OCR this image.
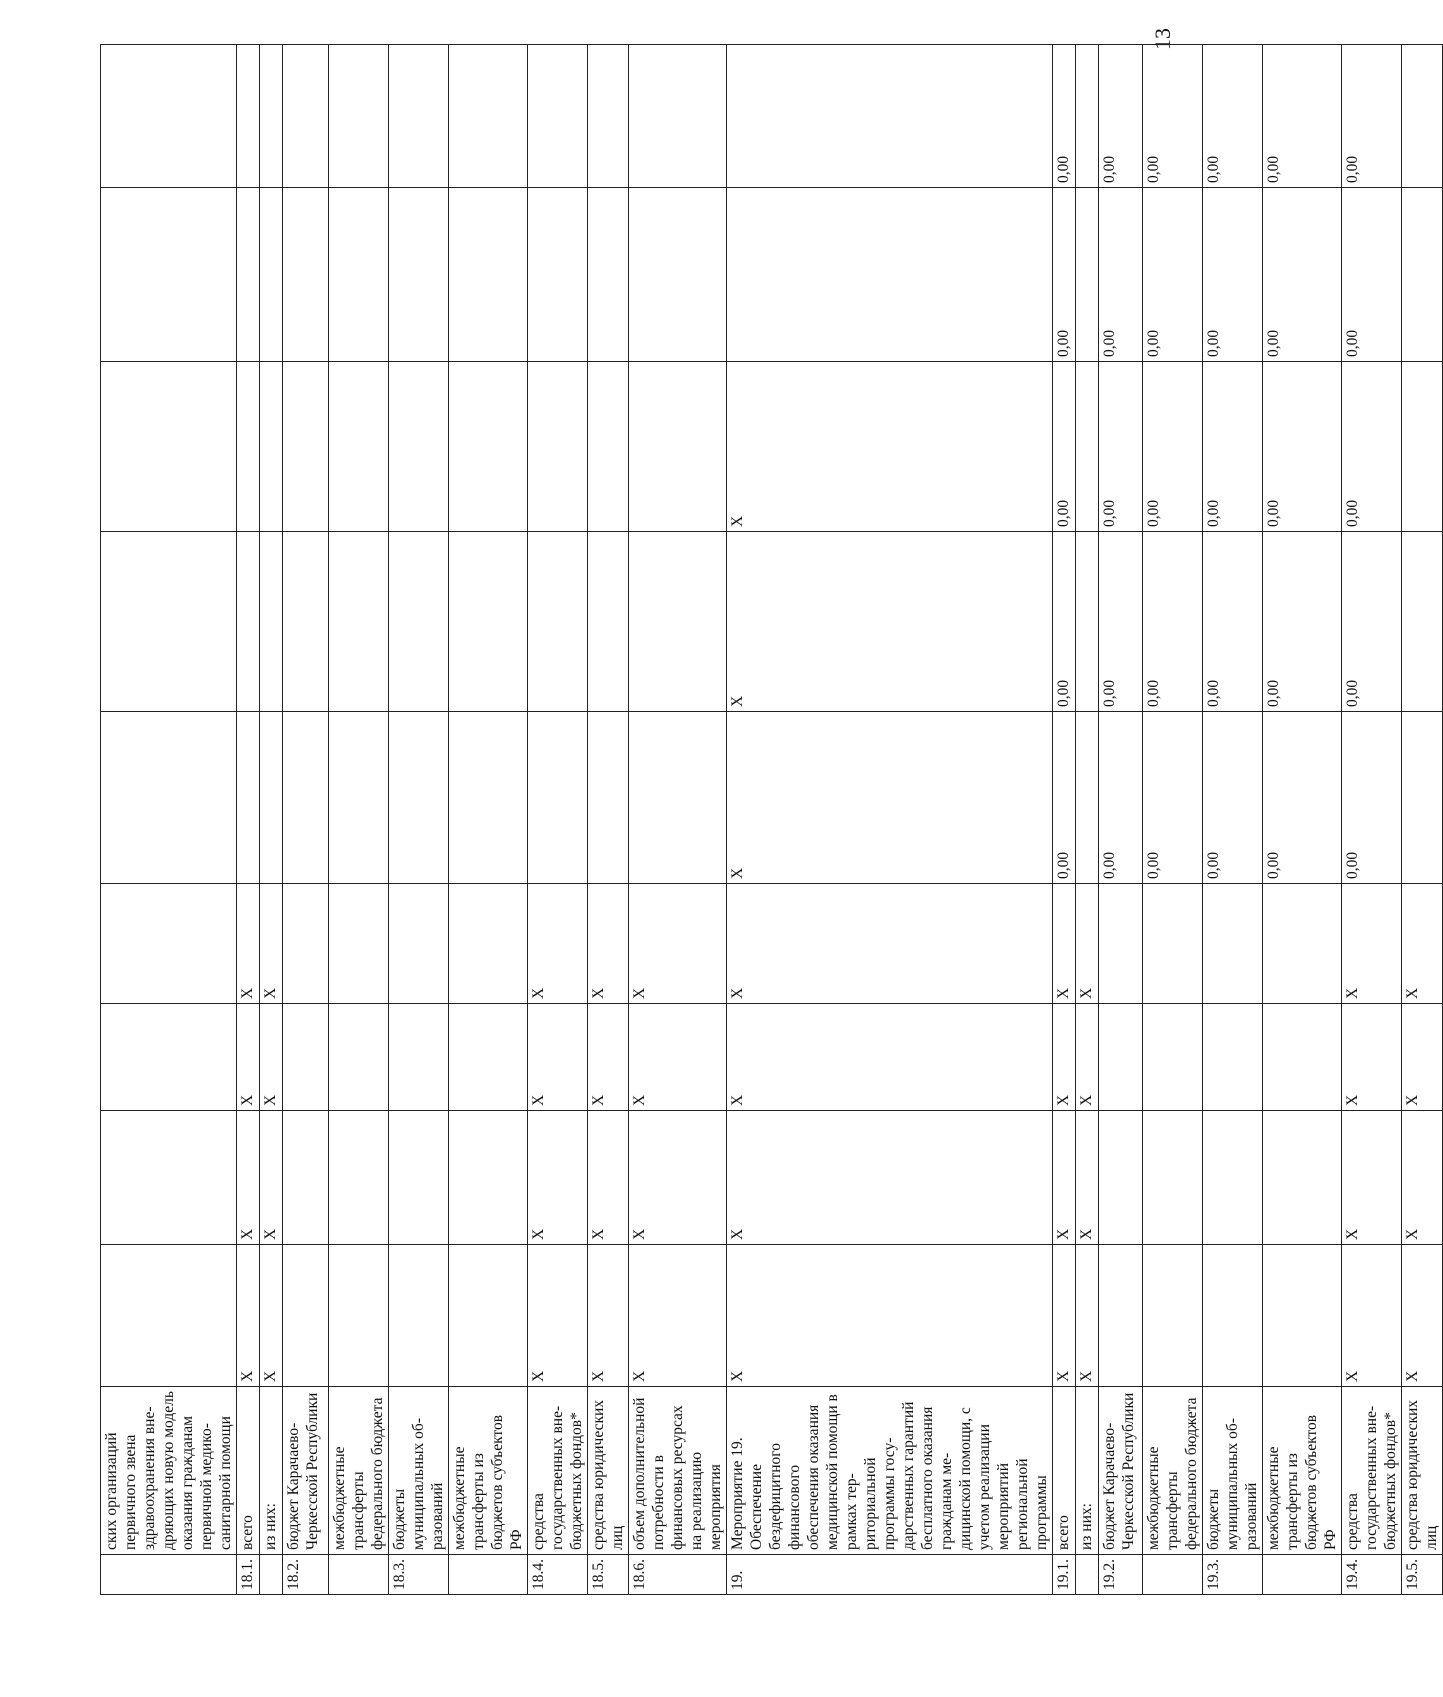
13
	ских организаций первичного звена здравоохранения внедряющих новую модель оказания гражданам первичной медико-санитарной помощи									
18.1.	всего	X	X	X	X					
	из них:	X	X	X	X					
18.2.	бюджет Карачаево-Черкесской Республики									
	межбюджетные трансферты федерального бюджета									
18.3.	бюджеты муниципальных образований									
	межбюджетные трансферты из бюджетов субъектов РФ									
18.4.	средства государственных внебюджетных фондов*	X	X	X	X					
18.5.	средства юридических лиц	X	X	X	X					
18.6.	объем дополнительной потребности в финансовых ресурсах на реализацию мероприятия	X	X	X	X					
19.	Мероприятие 19. Обеспечение бездефицитного финансового обеспечения оказания медицинской помощи в рамках территориальной программы государственных гарантий бесплатного оказания гражданам медицинской помощи, с учетом реализации мероприятий региональной программы	X	X	X	X	X	X	X		
19.1.	всего	X	X	X	X	0,00	0,00	0,00	0,00	0,00
	из них:	X	X	X	X					
19.2.	бюджет Карачаево-Черкесской Республики					0,00	0,00	0,00	0,00	0,00
	межбюджетные трансферты федерального бюджета					0,00	0,00	0,00	0,00	0,00
19.3.	бюджеты муниципальных образований					0,00	0,00	0,00	0,00	0,00
	межбюджетные трансферты из бюджетов субъектов РФ					0,00	0,00	0,00	0,00	0,00
19.4.	средства государственных внебюджетных фондов*	X	X	X	X	0,00	0,00	0,00	0,00	0,00
19.5.	средства юридических лиц	X	X	X	X					
